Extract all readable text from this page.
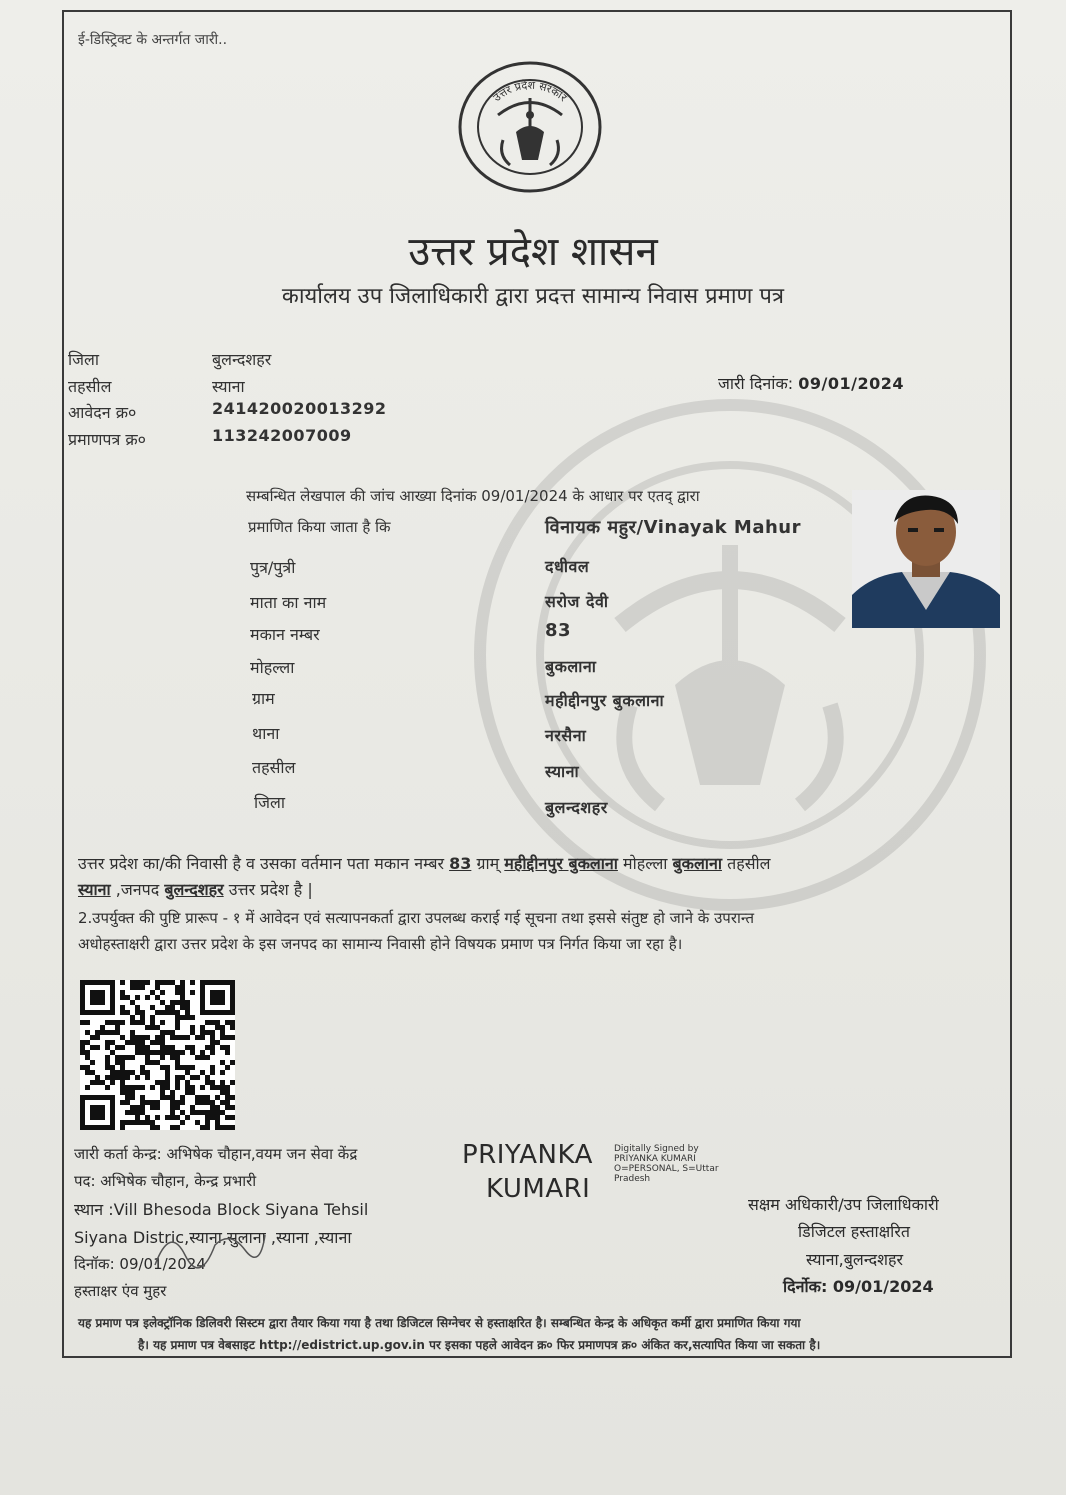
ई-डिस्ट्रिक्ट के अन्तर्गत जारी..
उत्तर प्रदेश सरकार
उत्तर प्रदेश शासन
कार्यालय उप जिलाधिकारी द्वारा प्रदत्त सामान्य निवास प्रमाण पत्र
जिला	बुलन्दशहर
तहसील	स्याना
आवेदन क्र०	241420020013292
प्रमाणपत्र क्र०	113242007009
जारी दिनांक: 09/01/2024
सम्बन्धित लेखपाल की जांच आख्या दिनांक 09/01/2024 के आधार पर एतद् द्वारा
प्रमाणित किया जाता है कि	विनायक महुर/Vinayak Mahur
पुत्र/पुत्री	दधीवल
माता का नाम	सरोज देवी
मकान नम्बर	83
मोहल्ला	बुकलाना
ग्राम	महीद्दीनपुर बुकलाना
थाना	नरसैना
तहसील	स्याना
जिला	बुलन्दशहर
उत्तर प्रदेश का/की निवासी है व उसका वर्तमान पता मकान नम्बर 83 ग्राम् महीद्दीनपुर बुकलाना मोहल्ला बुकलाना तहसील
स्याना ,जनपद बुलन्दशहर उत्तर प्रदेश है |
2.उपर्युक्त की पुष्टि प्रारूप - १ में आवेदन एवं सत्यापनकर्ता द्वारा उपलब्ध कराई गई सूचना तथा इससे संतुष्ट हो जाने के उपरान्त
अधोहस्ताक्षरी द्वारा उत्तर प्रदेश के इस जनपद का सामान्य निवासी होने विषयक प्रमाण पत्र निर्गत किया जा रहा है।
जारी कर्ता केन्द्र: अभिषेक चौहान,वयम जन सेवा केंद्र
पद: अभिषेक चौहान, केन्द्र प्रभारी
स्थान :Vill Bhesoda Block Siyana Tehsil
Siyana Distric,स्याना,सुलाना ,स्याना ,स्याना
दिनॉक: 09/01/2024
हस्ताक्षर एंव मुहर
PRIYANKA
KUMARI
Digitally Signed by
PRIYANKA KUMARI
O=PERSONAL, S=Uttar
Pradesh
सक्षम अधिकारी/उप जिलाधिकारी
डिजिटल हस्ताक्षरित
स्याना,बुलन्दशहर
दिर्नोक: 09/01/2024
यह प्रमाण पत्र इलेक्ट्रॉनिक डिलिवरी सिस्टम द्वारा तैयार किया गया है तथा डिजिटल सिग्नेचर से हस्ताक्षरित है। सम्बन्धित केन्द्र के अधिकृत कर्मी द्वारा प्रमाणित किया गया
है। यह प्रमाण पत्र वेबसाइट http://edistrict.up.gov.in पर इसका पहले आवेदन क्र० फिर प्रमाणपत्र क्र० अंकित कर,सत्यापित किया जा सकता है।
